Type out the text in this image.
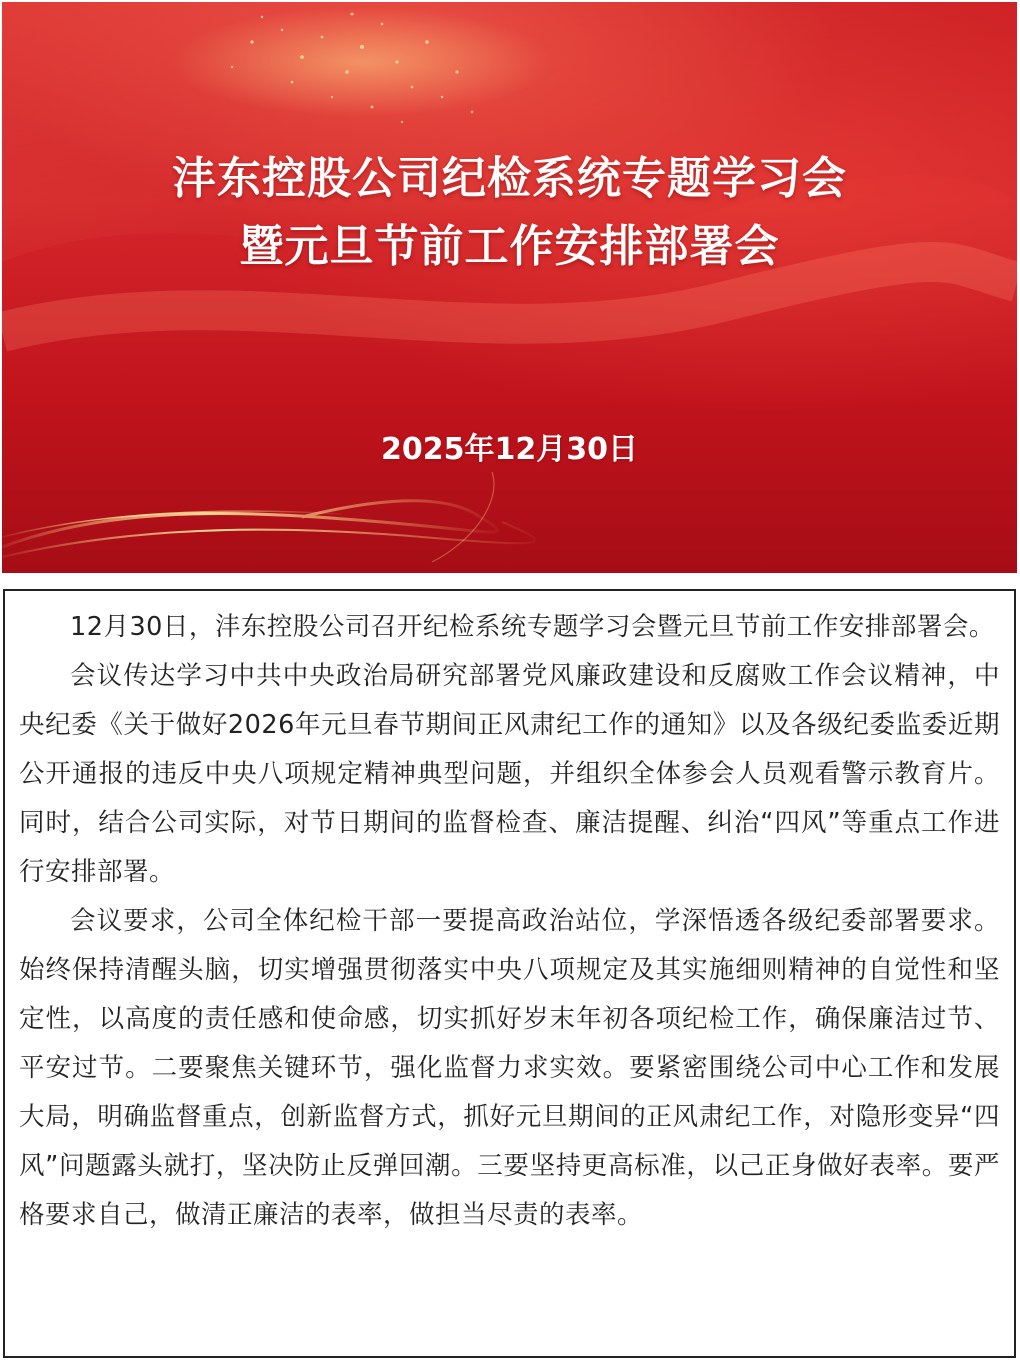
沣东控股公司纪检系统专题学习会
暨元旦节前工作安排部署会
2025年12月30日

12月30日，沣东控股公司召开纪检系统专题学习会暨元旦节前工作安排部署会。

会议传达学习中共中央政治局研究部署党风廉政建设和反腐败工作会议精神，中央纪委《关于做好2026年元旦春节期间正风肃纪工作的通知》以及各级纪委监委近期公开通报的违反中央八项规定精神典型问题，并组织全体参会人员观看警示教育片。同时，结合公司实际，对节日期间的监督检查、廉洁提醒、纠治“四风”等重点工作进行安排部署。

会议要求，公司全体纪检干部一要提高政治站位，学深悟透各级纪委部署要求。始终保持清醒头脑，切实增强贯彻落实中央八项规定及其实施细则精神的自觉性和坚定性，以高度的责任感和使命感，切实抓好岁末年初各项纪检工作，确保廉洁过节、平安过节。二要聚焦关键环节，强化监督力求实效。要紧密围绕公司中心工作和发展大局，明确监督重点，创新监督方式，抓好元旦期间的正风肃纪工作，对隐形变异“四风”问题露头就打，坚决防止反弹回潮。三要坚持更高标准，以己正身做好表率。要严格要求自己，做清正廉洁的表率，做担当尽责的表率。
